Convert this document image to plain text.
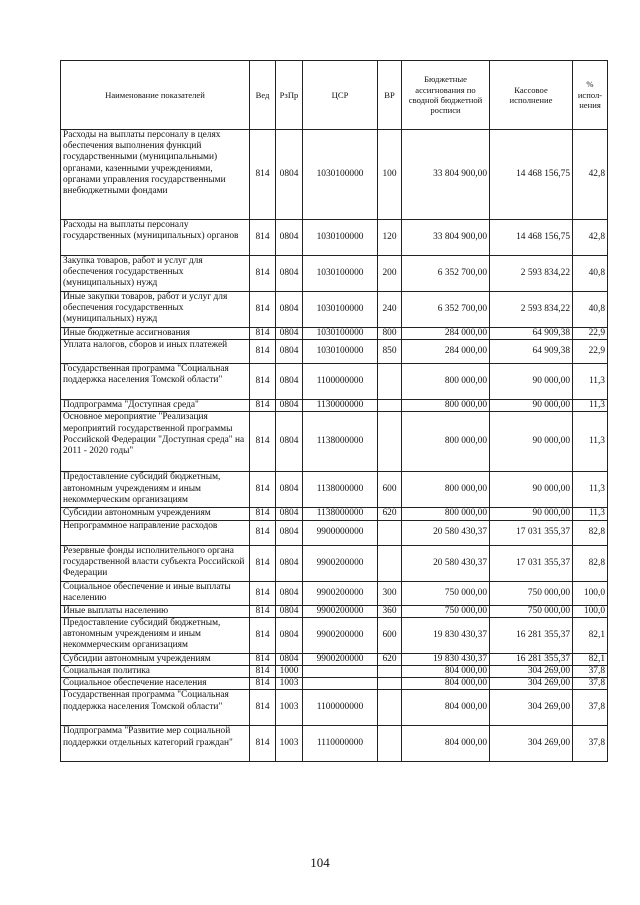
Наименование показателей	Вед	РзПр	ЦСР	ВР	Бюджетные ассигнования по сводной бюджетной росписи	Кассовое исполнение	% испол-нения
Расходы на выплаты персоналу в целях обеспечения выполнения функций государственными (муниципальными) органами, казенными учреждениями, органами управления государственными внебюджетными фондами	814	0804	1030100000	100	33 804 900,00	14 468 156,75	42,8
Расходы на выплаты персоналу государственных (муниципальных) органов	814	0804	1030100000	120	33 804 900,00	14 468 156,75	42,8
Закупка товаров, работ и услуг для обеспечения государственных (муниципальных) нужд	814	0804	1030100000	200	6 352 700,00	2 593 834,22	40,8
Иные закупки товаров, работ и услуг для обеспечения государственных (муниципальных) нужд	814	0804	1030100000	240	6 352 700,00	2 593 834,22	40,8
Иные бюджетные ассигнования	814	0804	1030100000	800	284 000,00	64 909,38	22,9
Уплата налогов, сборов и иных платежей	814	0804	1030100000	850	284 000,00	64 909,38	22,9
Государственная программа "Социальная поддержка населения Томской области"	814	0804	1100000000		800 000,00	90 000,00	11,3
Подпрограмма "Доступная среда"	814	0804	1130000000		800 000,00	90 000,00	11,3
Основное мероприятие "Реализация мероприятий государственной программы Российской Федерации "Доступная среда" на 2011 - 2020 годы"	814	0804	1138000000		800 000,00	90 000,00	11,3
Предоставление субсидий бюджетным, автономным учреждениям и иным некоммерческим организациям	814	0804	1138000000	600	800 000,00	90 000,00	11,3
Субсидии автономным учреждениям	814	0804	1138000000	620	800 000,00	90 000,00	11,3
Непрограммное направление расходов	814	0804	9900000000		20 580 430,37	17 031 355,37	82,8
Резервные фонды исполнительного органа государственной власти субъекта Российской Федерации	814	0804	9900200000		20 580 430,37	17 031 355,37	82,8
Социальное обеспечение и иные выплаты населению	814	0804	9900200000	300	750 000,00	750 000,00	100,0
Иные выплаты населению	814	0804	9900200000	360	750 000,00	750 000,00	100,0
Предоставление субсидий бюджетным, автономным учреждениям и иным некоммерческим организациям	814	0804	9900200000	600	19 830 430,37	16 281 355,37	82,1
Субсидии автономным учреждениям	814	0804	9900200000	620	19 830 430,37	16 281 355,37	82,1
Социальная политика	814	1000			804 000,00	304 269,00	37,8
Социальное обеспечение населения	814	1003			804 000,00	304 269,00	37,8
Государственная программа "Социальная поддержка населения Томской области"	814	1003	1100000000		804 000,00	304 269,00	37,8
Подпрограмма "Развитие мер социальной поддержки отдельных категорий граждан"	814	1003	1110000000		804 000,00	304 269,00	37,8
104
